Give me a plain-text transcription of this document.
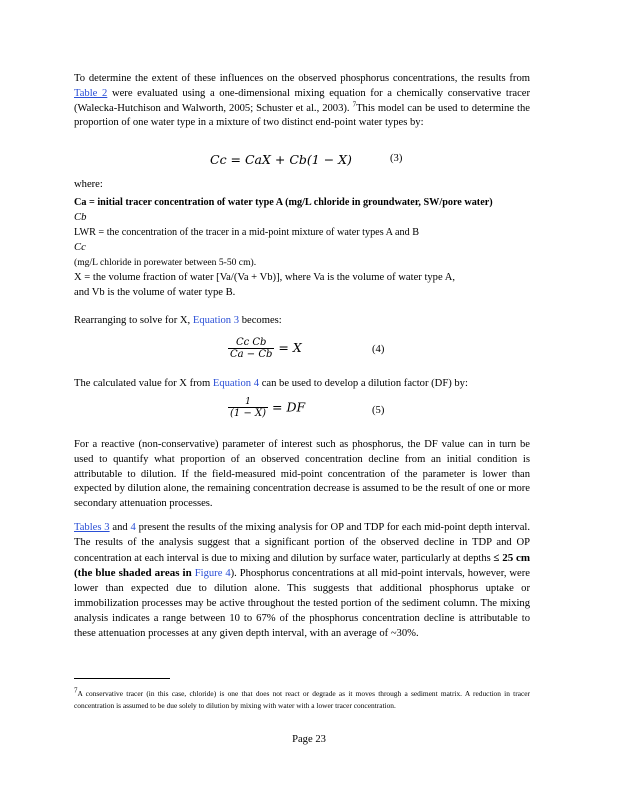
To determine the extent of these influences on the observed phosphorus concentrations, the results from Table 2 were evaluated using a one-dimensional mixing equation for a chemically conservative tracer (Walecka-Hutchison and Walworth, 2005; Schuster et al., 2003). $^7$This model can be used to determine the proportion of one water type in a mixture of two distinct end-point water types by:

Cc = CaX + Cb(1 − X)	(3)

where:

Ca = initial tracer concentration of water type A (mg/L chloride in groundwater, SW/pore water)

Cb

LWR = the concentration of the tracer in a mid-point mixture of water types A and B

Cc

(mg/L chloride in porewater between 5-50 cm).

X = the volume fraction of water [Va/(Va + Vb)], where Va is the volume of water type A,

and Vb is the volume of water type B.

Rearranging to solve for X, Equation 3 becomes:

$\frac{\text{Cc Cb}}{Ca - Cb} = X$	(4)

The calculated value for X from Equation 4 can be used to develop a dilution factor (DF) by:

$\frac{1}{(1 - X)}$ = DF	(5)

For a reactive (non-conservative) parameter of interest such as phosphorus, the DF value can in turn be used to quantify what proportion of an observed concentration decline from an initial condition is attributable to dilution. If the field-measured mid-point concentration of the parameter is lower than expected by dilution alone, the remaining concentration decrease is assumed to be the result of one or more secondary attenuation processes.

Tables 3 and 4 present the results of the mixing analysis for OP and TDP for each mid-point depth interval. The results of the analysis suggest that a significant portion of the observed decline in TDP and OP concentration at each interval is due to mixing and dilution by surface water, particularly at depths ≤ 25 cm (the blue shaded areas in Figure 4). Phosphorus concentrations at all mid-point intervals, however, were lower than expected due to dilution alone. This suggests that additional phosphorus uptake or immobilization processes may be active throughout the tested portion of the sediment column. The mixing analysis indicates a range between 10 to 67% of the phosphorus concentration decline is attributable to these attenuation processes at any given depth interval, with an average of ~30%.

$^7$A conservative tracer (in this case, chloride) is one that does not react or degrade as it moves through a sediment matrix. A reduction in tracer concentration is assumed to be due solely to dilution by mixing with water with a lower tracer concentration.
Page 23
